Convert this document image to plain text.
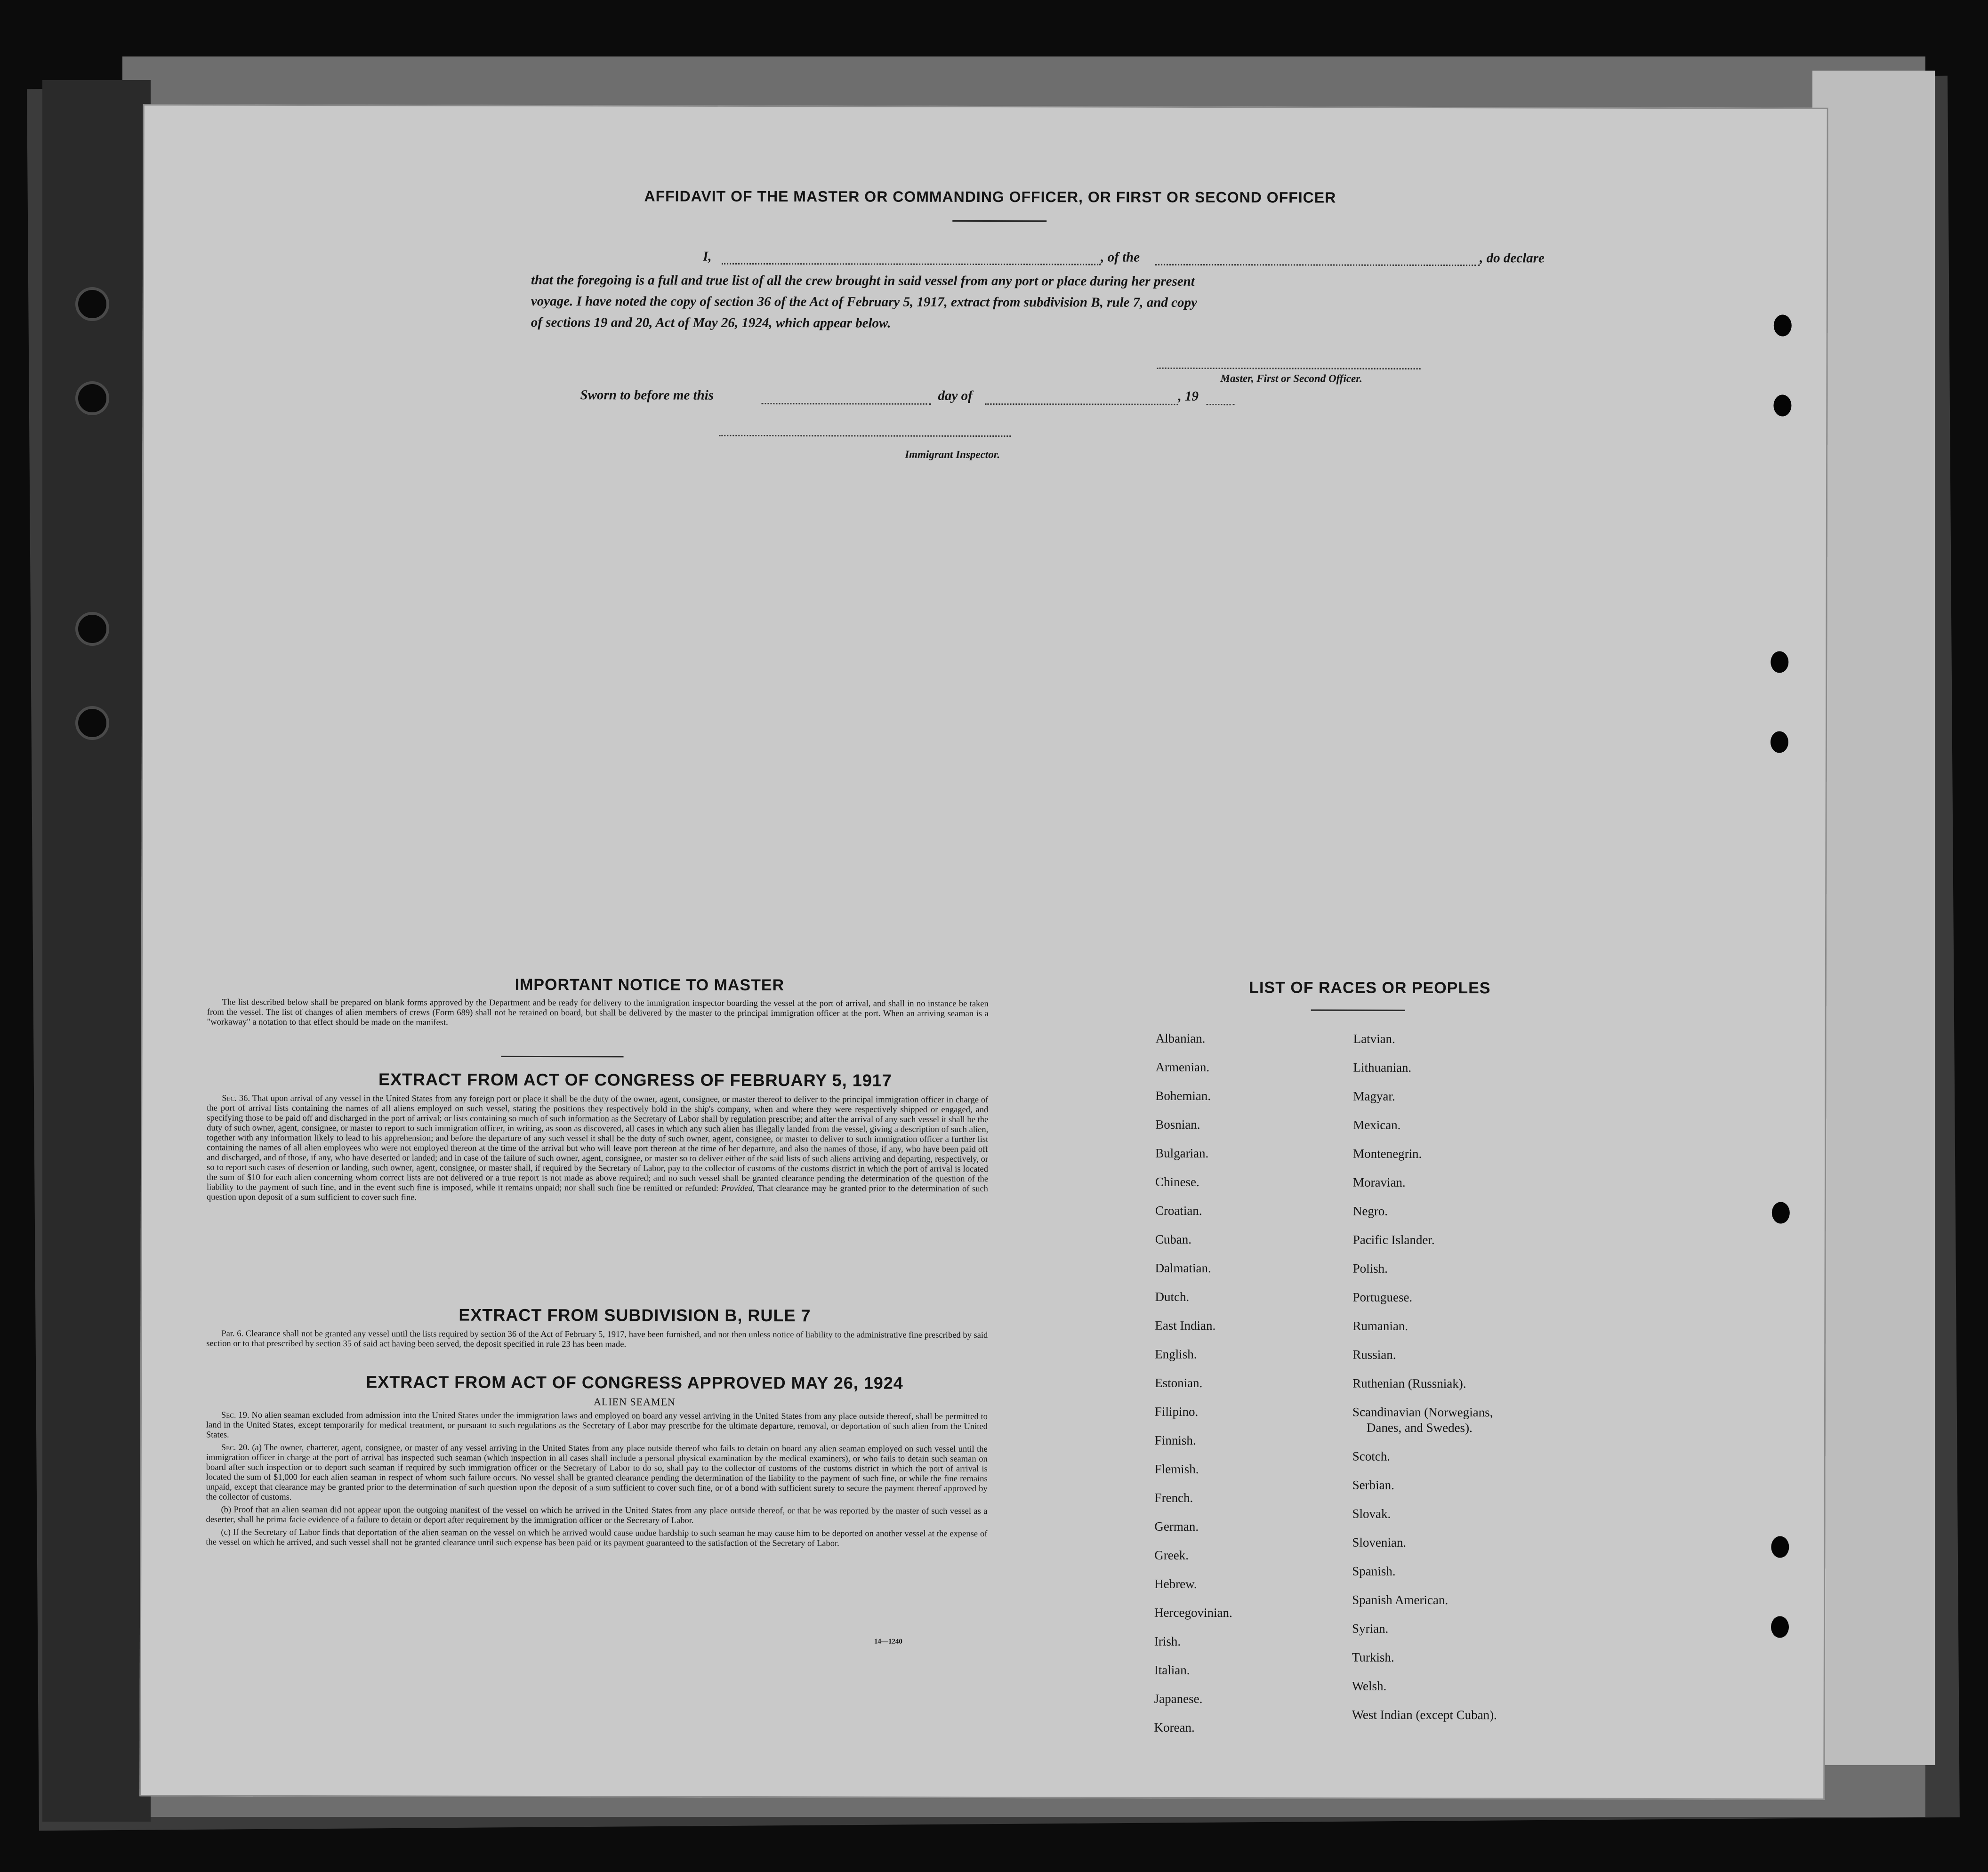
AFFIDAVIT OF THE MASTER OR COMMANDING OFFICER, OR FIRST OR SECOND OFFICER
I,	, of the	, do declare
that the foregoing is a full and true list of all the crew brought in said vessel from any port or place during her present
voyage. I have noted the copy of section 36 of the Act of February 5, 1917, extract from subdivision B, rule 7, and copy
of sections 19 and 20, Act of May 26, 1924, which appear below.
Master, First or Second Officer.
Sworn to before me this	day of	, 19
Immigrant Inspector.
IMPORTANT NOTICE TO MASTER

The list described below shall be prepared on blank forms approved by the Department and be ready for delivery to the immigration inspector boarding the vessel at the port of arrival, and shall in no instance be taken from the vessel. The list of changes of alien members of crews (Form 689) shall not be retained on board, but shall be delivered by the master to the principal immigration officer at the port. When an arriving seaman is a "workaway" a notation to that effect should be made on the manifest.

EXTRACT FROM ACT OF CONGRESS OF FEBRUARY 5, 1917

Sec. 36. That upon arrival of any vessel in the United States from any foreign port or place it shall be the duty of the owner, agent, consignee, or master thereof to deliver to the principal immigration officer in charge of the port of arrival lists containing the names of all aliens employed on such vessel, stating the positions they respectively hold in the ship's company, when and where they were respectively shipped or engaged, and specifying those to be paid off and discharged in the port of arrival; or lists containing so much of such information as the Secretary of Labor shall by regulation prescribe; and after the arrival of any such vessel it shall be the duty of such owner, agent, consignee, or master to report to such immigration officer, in writing, as soon as discovered, all cases in which any such alien has illegally landed from the vessel, giving a description of such alien, together with any information likely to lead to his apprehension; and before the departure of any such vessel it shall be the duty of such owner, agent, consignee, or master to deliver to such immigration officer a further list containing the names of all alien employees who were not employed thereon at the time of the arrival but who will leave port thereon at the time of her departure, and also the names of those, if any, who have been paid off and discharged, and of those, if any, who have deserted or landed; and in case of the failure of such owner, agent, consignee, or master so to deliver either of the said lists of such aliens arriving and departing, respectively, or so to report such cases of desertion or landing, such owner, agent, consignee, or master shall, if required by the Secretary of Labor, pay to the collector of customs of the customs district in which the port of arrival is located the sum of $10 for each alien concerning whom correct lists are not delivered or a true report is not made as above required; and no such vessel shall be granted clearance pending the determination of the question of the liability to the payment of such fine, and in the event such fine is imposed, while it remains unpaid; nor shall such fine be remitted or refunded: Provided, That clearance may be granted prior to the determination of such question upon deposit of a sum sufficient to cover such fine.

EXTRACT FROM SUBDIVISION B, RULE 7

Par. 6. Clearance shall not be granted any vessel until the lists required by section 36 of the Act of February 5, 1917, have been furnished, and not then unless notice of liability to the administrative fine prescribed by said section or to that prescribed by section 35 of said act having been served, the deposit specified in rule 23 has been made.

EXTRACT FROM ACT OF CONGRESS APPROVED MAY 26, 1924
ALIEN SEAMEN

Sec. 19. No alien seaman excluded from admission into the United States under the immigration laws and employed on board any vessel arriving in the United States from any place outside thereof, shall be permitted to land in the United States, except temporarily for medical treatment, or pursuant to such regulations as the Secretary of Labor may prescribe for the ultimate departure, removal, or deportation of such alien from the United States.

Sec. 20. (a) The owner, charterer, agent, consignee, or master of any vessel arriving in the United States from any place outside thereof who fails to detain on board any alien seaman employed on such vessel until the immigration officer in charge at the port of arrival has inspected such seaman (which inspection in all cases shall include a personal physical examination by the medical examiners), or who fails to detain such seaman on board after such inspection or to deport such seaman if required by such immigration officer or the Secretary of Labor to do so, shall pay to the collector of customs of the customs district in which the port of arrival is located the sum of $1,000 for each alien seaman in respect of whom such failure occurs. No vessel shall be granted clearance pending the determination of the liability to the payment of such fine, or while the fine remains unpaid, except that clearance may be granted prior to the determination of such question upon the deposit of a sum sufficient to cover such fine, or of a bond with sufficient surety to secure the payment thereof approved by the collector of customs.

(b) Proof that an alien seaman did not appear upon the outgoing manifest of the vessel on which he arrived in the United States from any place outside thereof, or that he was reported by the master of such vessel as a deserter, shall be prima facie evidence of a failure to detain or deport after requirement by the immigration officer or the Secretary of Labor.

(c) If the Secretary of Labor finds that deportation of the alien seaman on the vessel on which he arrived would cause undue hardship to such seaman he may cause him to be deported on another vessel at the expense of the vessel on which he arrived, and such vessel shall not be granted clearance until such expense has been paid or its payment guaranteed to the satisfaction of the Secretary of Labor.

14—1240
LIST OF RACES OR PEOPLES
Albanian.
Armenian.
Bohemian.
Bosnian.
Bulgarian.
Chinese.
Croatian.
Cuban.
Dalmatian.
Dutch.
East Indian.
English.
Estonian.
Filipino.
Finnish.
Flemish.
French.
German.
Greek.
Hebrew.
Hercegovinian.
Irish.
Italian.
Japanese.
Korean.
Latvian.
Lithuanian.
Magyar.
Mexican.
Montenegrin.
Moravian.
Negro.
Pacific Islander.
Polish.
Portuguese.
Rumanian.
Russian.
Ruthenian (Russniak).
Scandinavian (Norwegians,
Danes, and Swedes).
Scotch.
Serbian.
Slovak.
Slovenian.
Spanish.
Spanish American.
Syrian.
Turkish.
Welsh.
West Indian (except Cuban).
